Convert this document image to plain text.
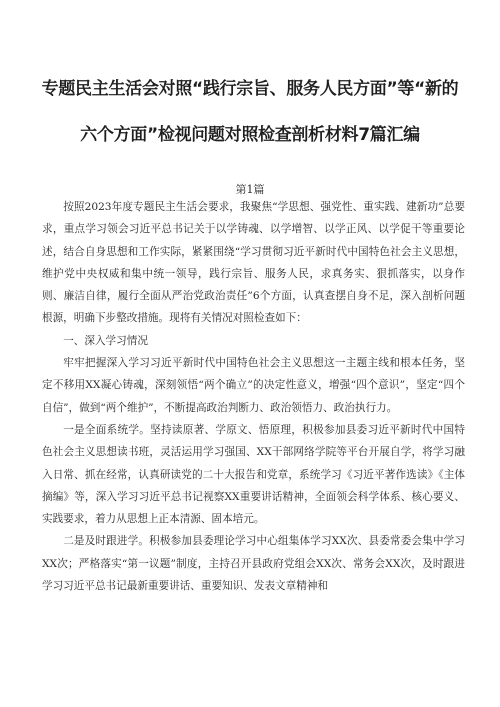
专题民主生活会对照“践行宗旨、服务人民方面”等“新的
六个方面”检视问题对照检查剖析材料7篇汇编
第1篇

按照2023年度专题民主生活会要求，我聚焦“学思想、强党性、重实践、建新功”总要求，重点学习领会习近平总书记关于以学铸魂、以学增智、以学正风、以学促干等重要论述，结合自身思想和工作实际，紧紧围绕“学习贯彻习近平新时代中国特色社会主义思想，维护党中央权威和集中统一领导，践行宗旨、服务人民，求真务实、狠抓落实，以身作则、廉洁自律，履行全面从严治党政治责任”6个方面，认真查摆自身不足，深入剖析问题根源，明确下步整改措施。现将有关情况对照检查如下：

一、深入学习情况

牢牢把握深入学习习近平新时代中国特色社会主义思想这一主题主线和根本任务，坚定不移用XX凝心铸魂，深刻领悟“两个确立”的决定性意义，增强“四个意识”，坚定“四个自信”，做到“两个维护”，不断提高政治判断力、政治领悟力、政治执行力。

一是全面系统学。坚持读原著、学原文、悟原理，积极参加县委习近平新时代中国特色社会主义思想读书班，灵活运用学习强国、XX干部网络学院等平台开展自学，将学习融入日常、抓在经常，认真研读党的二十大报告和党章，系统学习《习近平著作选读》《主体摘编》等，深入学习习近平总书记视察XX重要讲话精神，全面领会科学体系、核心要义、实践要求，着力从思想上正本清源、固本培元。

二是及时跟进学。积极参加县委理论学习中心组集体学习XX次、县委常委会集中学习XX次；严格落实“第一议题”制度，主持召开县政府党组会XX次、常务会XX次，及时跟进学习习近平总书记最新重要讲话、重要知识、发表文章精神和
